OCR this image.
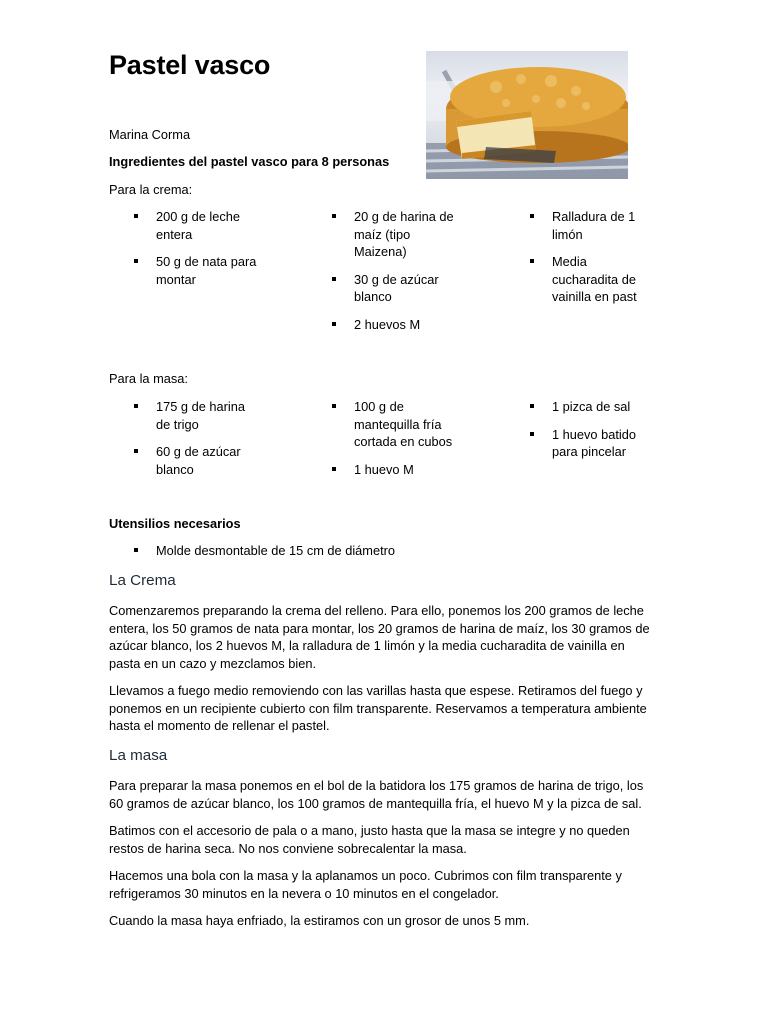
Pastel vasco
Marina Corma
Ingredientes del pastel vasco para 8 personas
Para la crema:
200 g de leche entera
50 g de nata para montar
20 g de harina de maíz (tipo Maizena)
30 g de azúcar blanco
2 huevos M
Ralladura de 1 limón
Media cucharadita de vainilla en past
Para la masa:
175 g de harina de trigo
60 g de azúcar blanco
100 g de mantequilla fría cortada en cubos
1 huevo M
1 pizca de sal
1 huevo batido para pincelar
Utensilios necesarios
Molde desmontable de 15 cm de diámetro
La Crema
Comenzaremos preparando la crema del relleno. Para ello, ponemos los 200 gramos de leche entera, los 50 gramos de nata para montar, los 20 gramos de harina de maíz, los 30 gramos de azúcar blanco, los 2 huevos M, la ralladura de 1 limón y la media cucharadita de vainilla en pasta en un cazo y mezclamos bien.
Llevamos a fuego medio removiendo con las varillas hasta que espese. Retiramos del fuego y ponemos en un recipiente cubierto con film transparente. Reservamos a temperatura ambiente hasta el momento de rellenar el pastel.
La masa
Para preparar la masa ponemos en el bol de la batidora los 175 gramos de harina de trigo, los 60 gramos de azúcar blanco, los 100 gramos de mantequilla fría, el huevo M y la pizca de sal.
Batimos con el accesorio de pala o a mano, justo hasta que la masa se integre y no queden restos de harina seca. No nos conviene sobrecalentar la masa.
Hacemos una bola con la masa y la aplanamos un poco. Cubrimos con film transparente y refrigeramos 30 minutos en la nevera o 10 minutos en el congelador.
Cuando la masa haya enfriado, la estiramos con un grosor de unos 5 mm.
